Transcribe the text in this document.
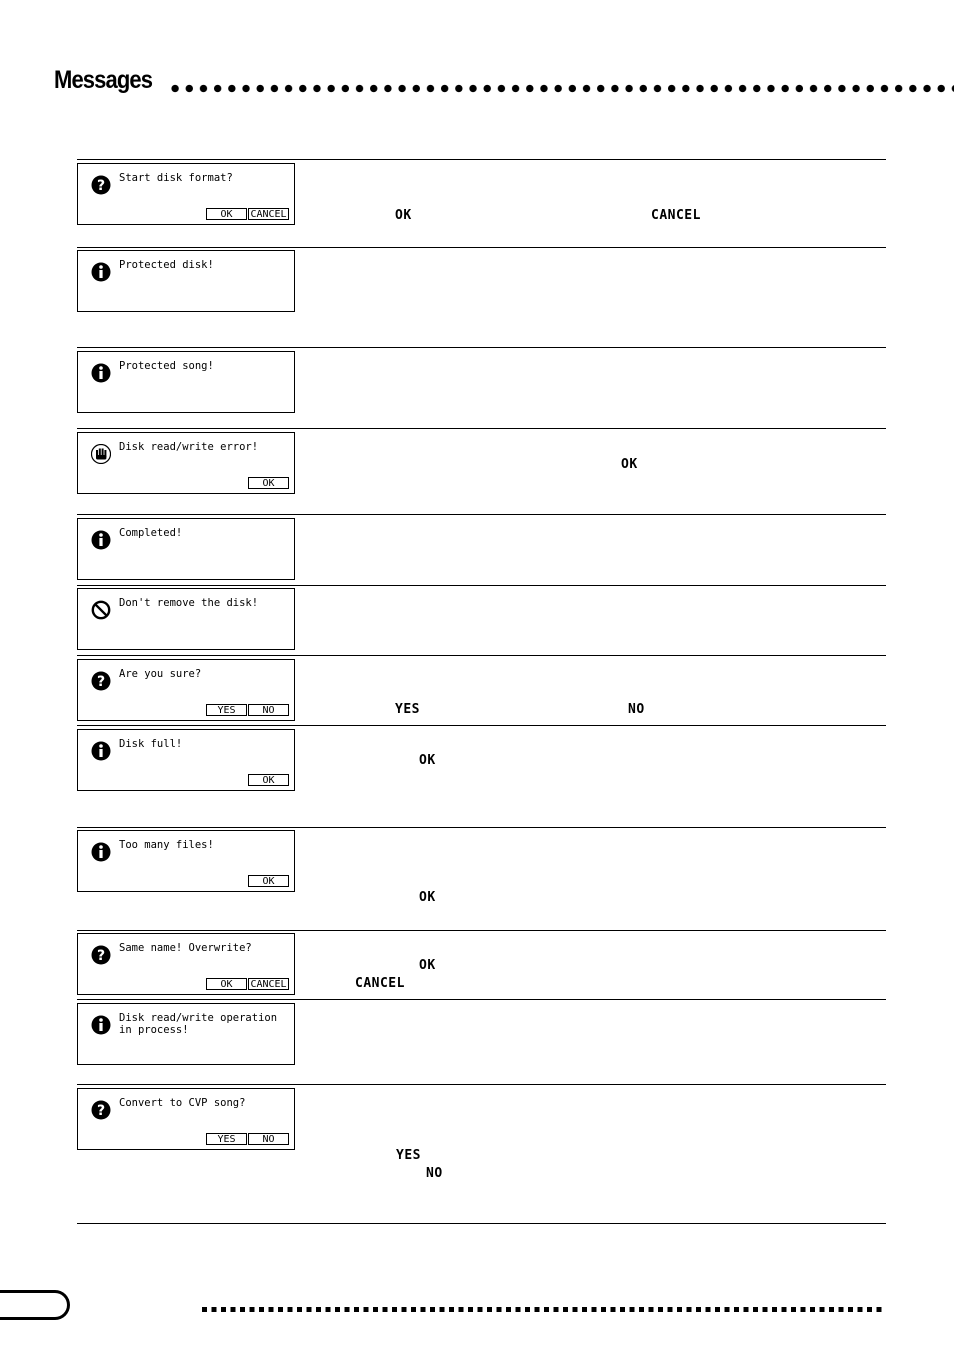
Messages
? Start disk format?
OK	CANCEL	OK	CANCEL
Protected disk!
Protected song!
Disk read/write error!
OK
OK
Completed!
Don't remove the disk!
? Are you sure?
YES	NO	YES	NO
Disk full!
OK
OK
Too many files!
OK
OK
? Same name! Overwrite?
OK	CANCEL
OK
CANCEL
Disk read/write operation
in process!
? Convert to CVP song?
YES	NO
YES
NO
